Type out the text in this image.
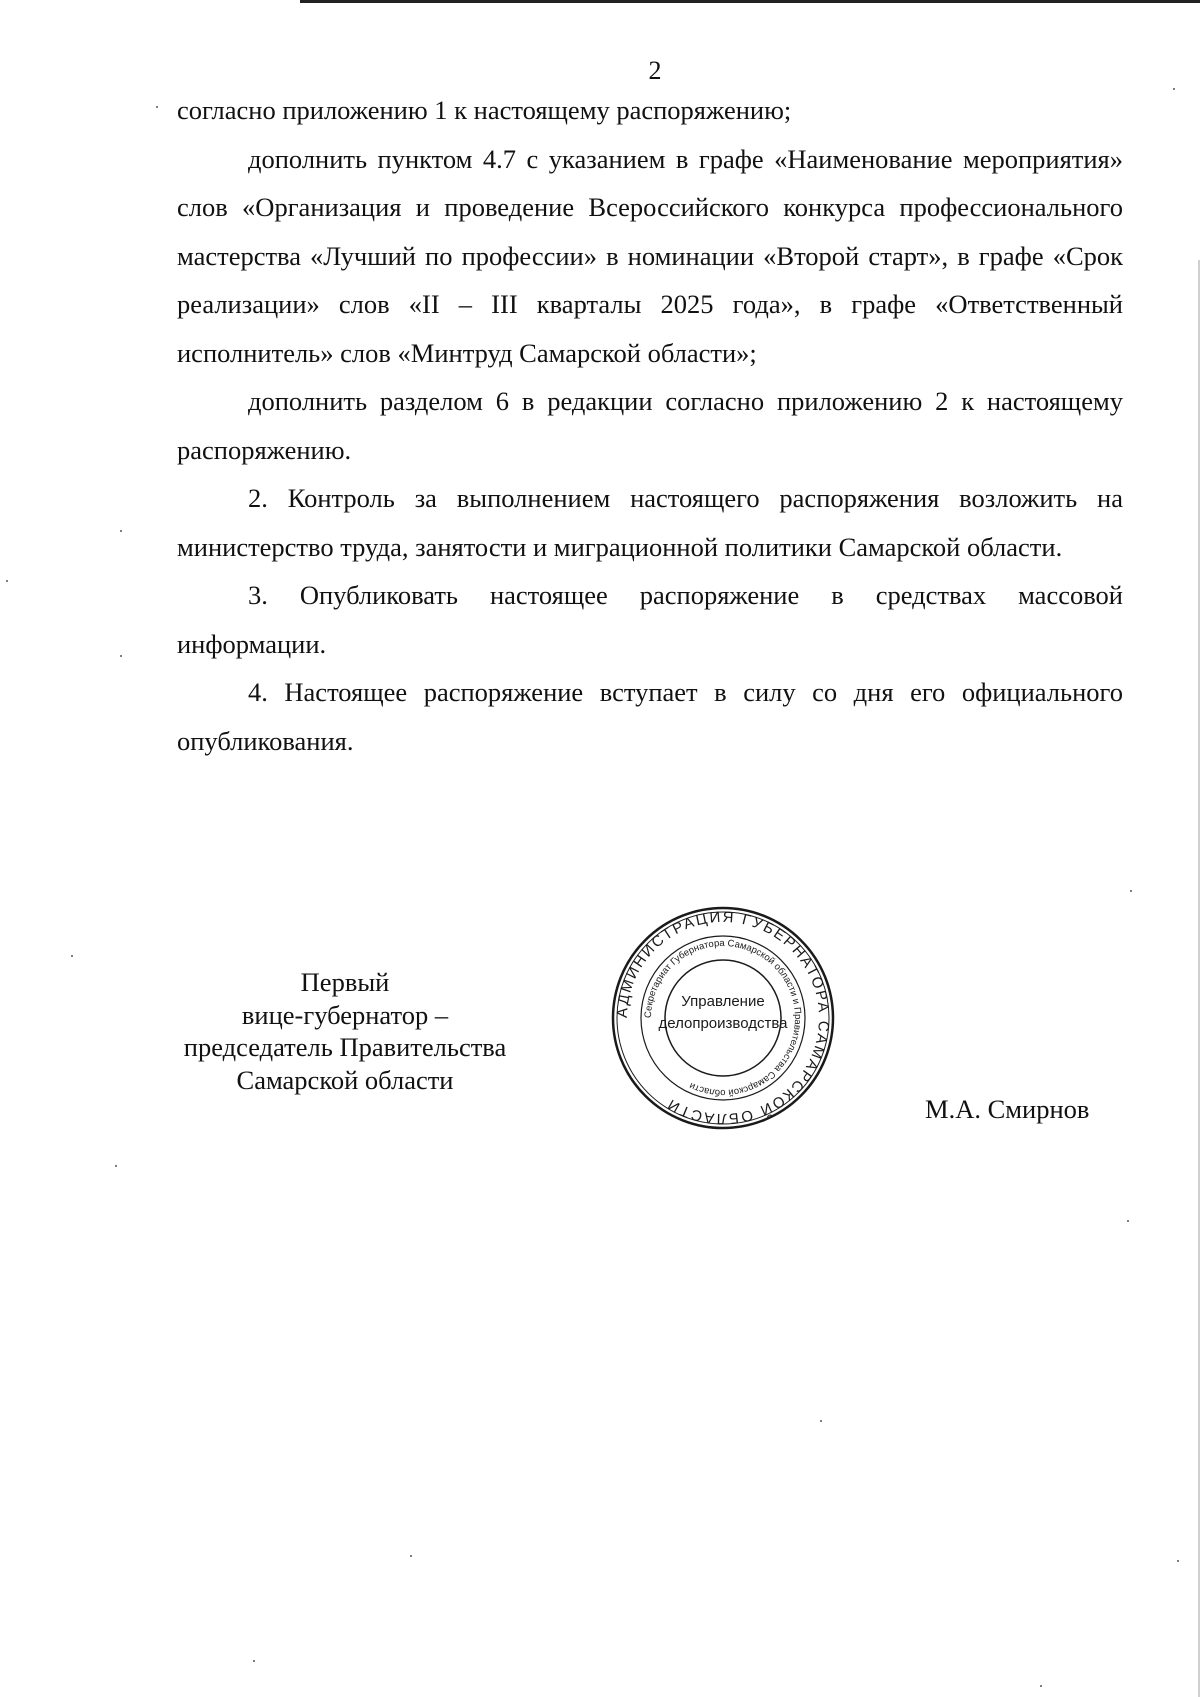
2

согласно приложению 1 к настоящему распоряжению;

дополнить пунктом 4.7 с указанием в графе «Наименование мероприятия» слов «Организация и проведение Всероссийского конкурса профессионального мастерства «Лучший по профессии» в номинации «Второй старт», в графе «Срок реализации» слов «II – III кварталы 2025 года», в графе «Ответственный исполнитель» слов «Минтруд Самарской области»;

дополнить разделом 6 в редакции согласно приложению 2 к настоящему распоряжению.

2. Контроль за выполнением настоящего распоряжения возложить на министерство труда, занятости и миграционной политики Самарской области.

3. Опубликовать настоящее распоряжение в средствах массовой информации.

4. Настоящее распоряжение вступает в силу со дня его официального опубликования.

Первый
вице-губернатор –
председатель Правительства
Самарской области
АДМИНИСТРАЦИЯ ГУБЕРНАТОРА САМАРСКОЙ ОБЛАСТИ
Секретариат Губернатора Самарской области и Правительства Самарской области
Управление
делопроизводства
М.А. Смирнов
